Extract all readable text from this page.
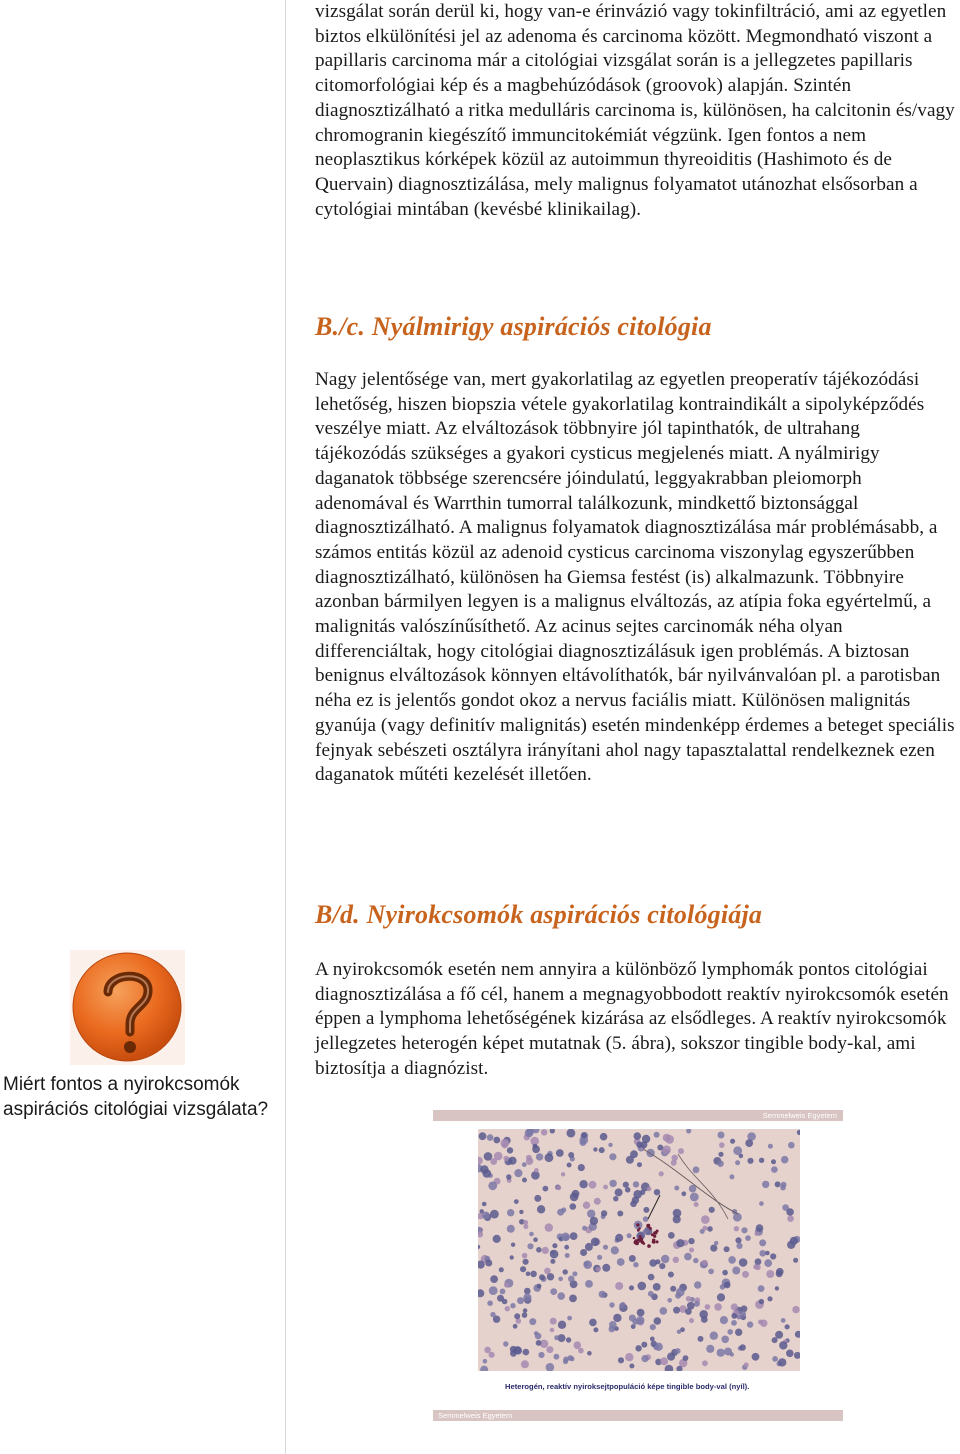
vizsgálat során derül ki, hogy van-e érinvázió vagy tokinfiltráció, ami az egyetlen biztos elkülönítési jel az adenoma és carcinoma között. Megmondható viszont a papillaris carcinoma már a citológiai vizsgálat során is a jellegzetes papillaris citomorfológiai kép és a magbehúzódások (groovok) alapján. Szintén diagnosztizálható a ritka medulláris carcinoma is, különösen, ha calcitonin és/vagy chromogranin kiegészítő immuncitokémiát végzünk. Igen fontos a nem neoplasztikus kórképek közül az autoimmun thyreoiditis (Hashimoto és de Quervain) diagnosztizálása, mely malignus folyamatot utánozhat elsősorban a cytológiai mintában (kevésbé klinikailag).

B./c. Nyálmirigy aspirációs citológia

Nagy jelentősége van, mert gyakorlatilag az egyetlen preoperatív tájékozódási lehetőség, hiszen biopszia vétele gyakorlatilag kontraindikált a sipolyképződés veszélye miatt. Az elváltozások többnyire jól tapinthatók, de ultrahang tájékozódás szükséges a gyakori cysticus megjelenés miatt. A nyálmirigy daganatok többsége szerencsére jóindulatú, leggyakrabban pleiomorph adenomával és Warrthin tumorral találkozunk, mindkettő biztonsággal diagnosztizálható. A malignus folyamatok diagnosztizálása már problémásabb, a számos entitás közül az adenoid cysticus carcinoma viszonylag egyszerűbben diagnosztizálható, különösen ha Giemsa festést (is) alkalmazunk. Többnyire azonban bármilyen legyen is a malignus elváltozás, az atípia foka egyértelmű, a malignitás valószínűsíthető. Az acinus sejtes carcinomák néha olyan differenciáltak, hogy citológiai diagnosztizálásuk igen problémás. A biztosan benignus elváltozások könnyen eltávolíthatók, bár nyilvánvalóan pl. a parotisban néha ez is jelentős gondot okoz a nervus faciális miatt. Különösen malignitás gyanúja (vagy definitív malignitás) esetén mindenképp érdemes a beteget speciális fejnyak sebészeti osztályra irányítani ahol nagy tapasztalattal rendelkeznek ezen daganatok műtéti kezelését illetően.

B/d. Nyirokcsomók aspirációs citológiája

A nyirokcsomók esetén nem annyira a különböző lymphomák pontos citológiai diagnosztizálása a fő cél, hanem a megnagyobbodott reaktív nyirokcsomók esetén éppen a lymphoma lehetőségének kizárása az elsődleges. A reaktív nyirokcsomók jellegzetes heterogén képet mutatnak (5. ábra), sokszor tingible body-kal, ami biztosítja a diagnózist.

Miért fontos a nyirokcsomók aspirációs citológiai vizsgálata?	Semmelweis Egyetem

Heterogén, reaktív nyiroksejtpopuláció képe tingible body-val (nyíl).

Semmelweis Egyetem
